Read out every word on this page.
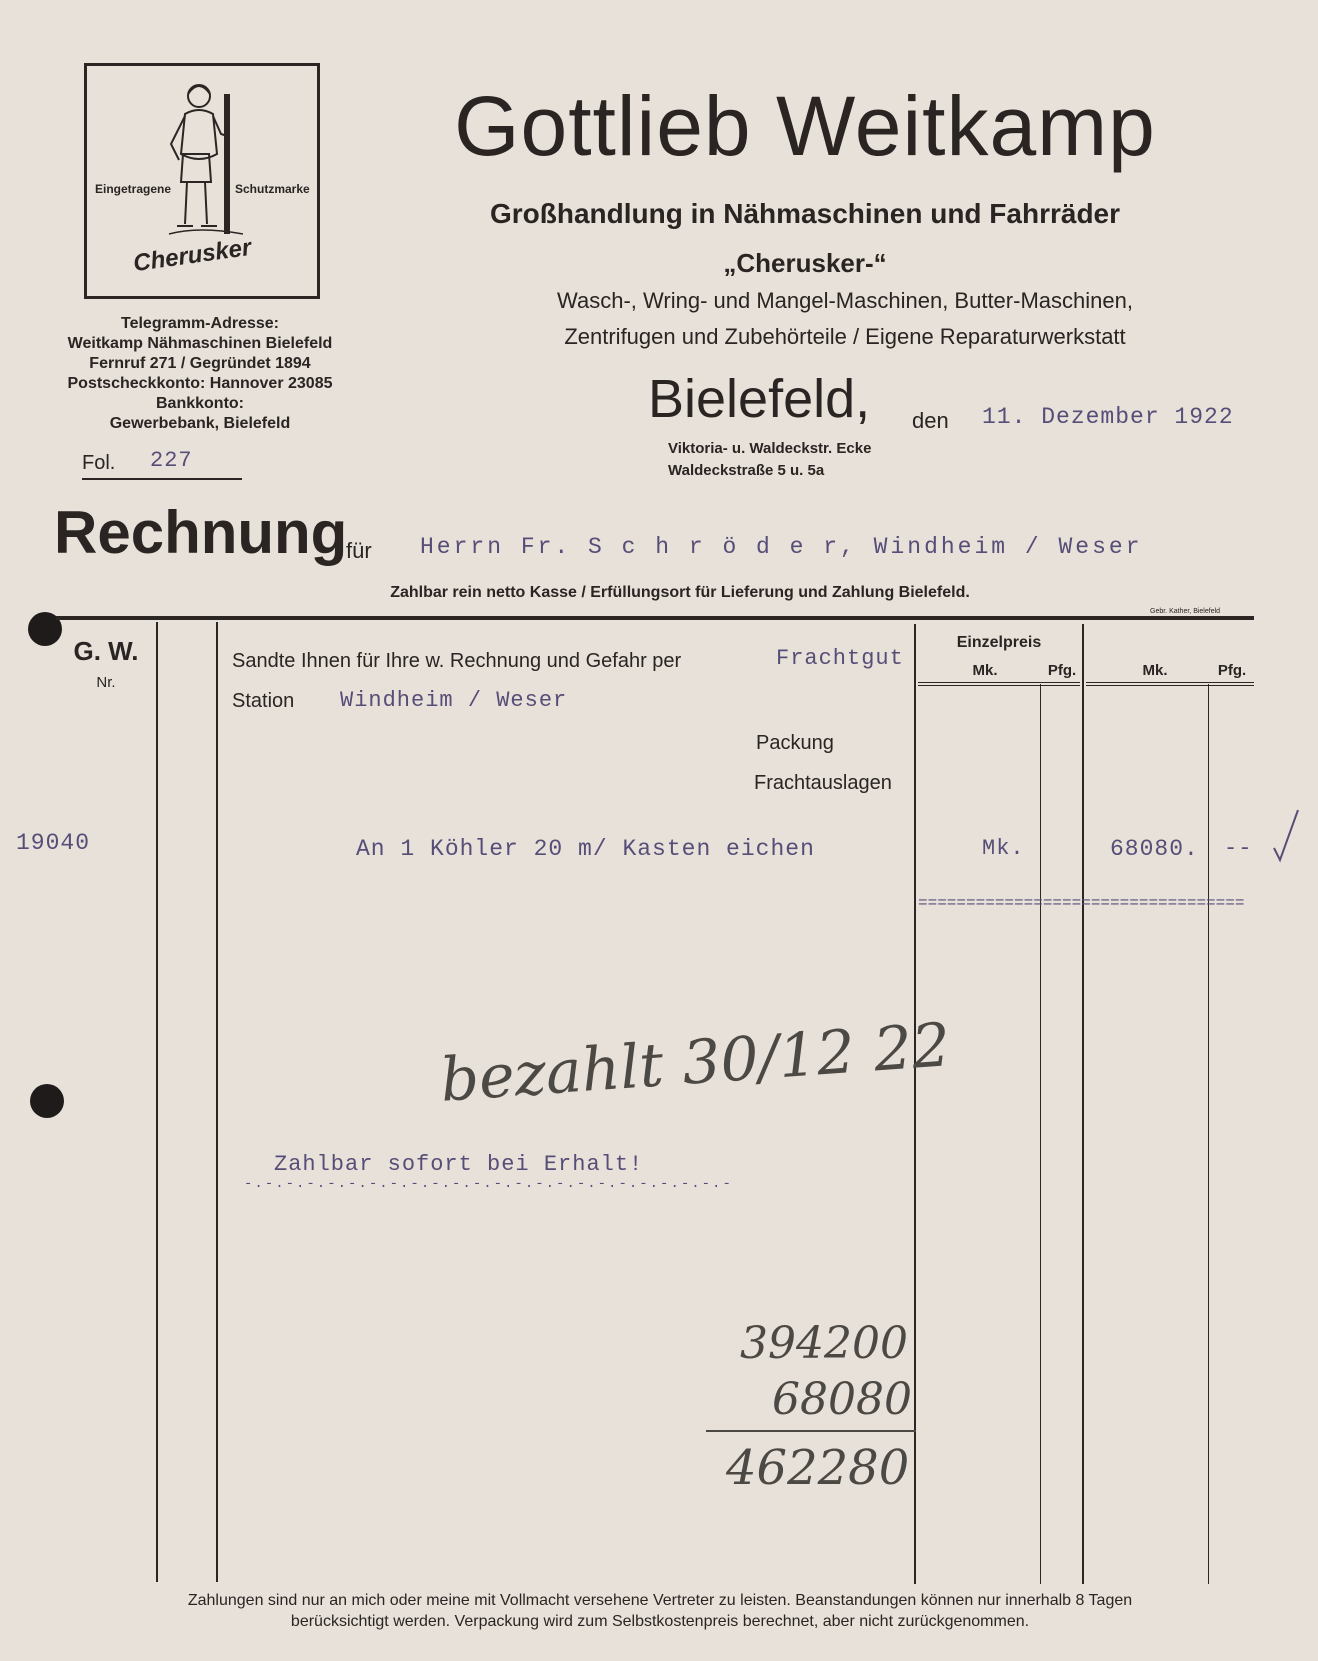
Eingetragene	Schutzmarke
Cherusker
Gottlieb Weitkamp
Großhandlung in Nähmaschinen und Fahrräder
„Cherusker-“
Wasch-, Wring- und Mangel-Maschinen, Butter-Maschinen,
Zentrifugen und Zubehörteile / Eigene Reparaturwerkstatt
Telegramm-Adresse:
Weitkamp Nähmaschinen Bielefeld
Fernruf 271 / Gegründet 1894
Postscheckkonto: Hannover 23085
Bankkonto:
Gewerbebank, Bielefeld
Fol. 227
Bielefeld, den 11. Dezember 1922
Viktoria- u. Waldeckstr. Ecke
Waldeckstraße 5 u. 5a
Rechnung
für Herrn Fr. S c h r ö d e r, Windheim / Weser
Zahlbar rein netto Kasse / Erfüllungsort für Lieferung und Zahlung Bielefeld.
Gebr. Kather, Bielefeld
G. W.
Nr.
Einzelpreis
Mk.	Pfg.	Mk.	Pfg.
Sandte Ihnen für Ihre w. Rechnung und Gefahr per	Frachtgut
Station Windheim / Weser
Packung
Frachtauslagen
19040	An 1 Köhler 20 m/ Kasten eichen	Mk.	68080. --
==================================
bezahlt 30/12 22
Zahlbar sofort bei Erhalt!
-.-.-.-.-.-.-.-.-.-.-.-.-.-.-.-.-.-.-.-.-.-.-.-
394200
68080
462280
Zahlungen sind nur an mich oder meine mit Vollmacht versehene Vertreter zu leisten. Beanstandungen können nur innerhalb 8 Tagen
berücksichtigt werden. Verpackung wird zum Selbstkostenpreis berechnet, aber nicht zurückgenommen.
